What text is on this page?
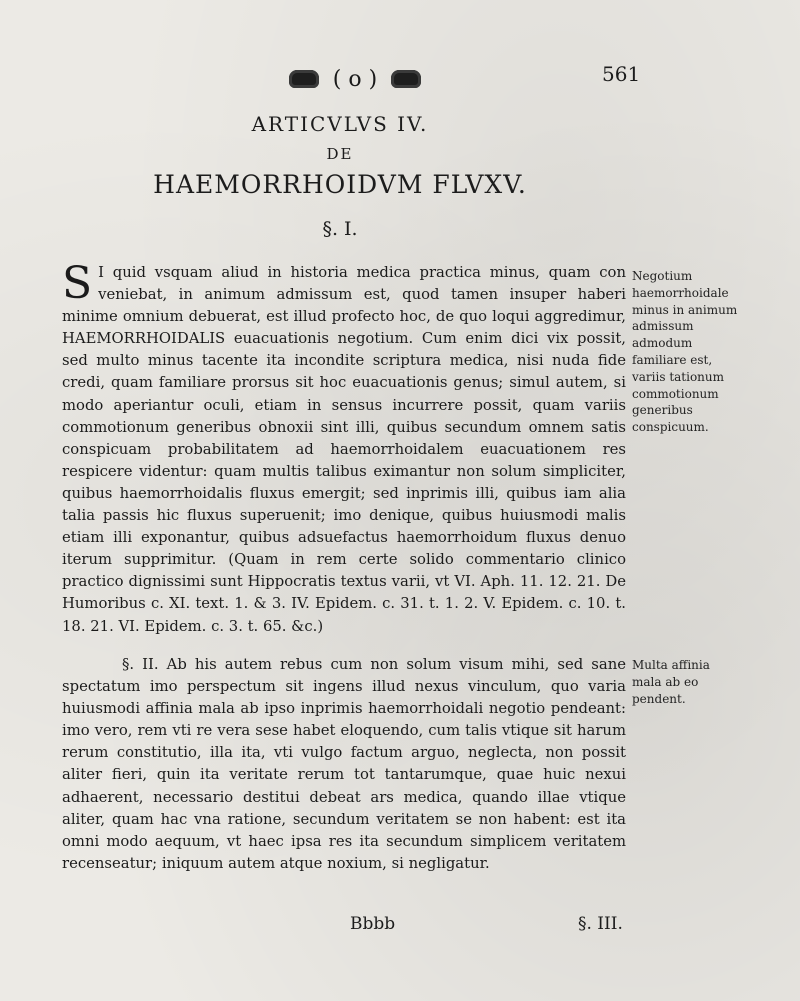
( o )	561
ARTICVLVS IV.
DE
HAEMORRHOIDVM FLVXV.
§. I.
S I quid vsquam aliud in historia medica practica minus, quam con veniebat, in animum admissum est, quod tamen insuper haberi minime omnium debuerat, est illud profecto hoc, de quo loqui aggredimur, HAEMORRHOIDALIS euacuationis negotium. Cum enim dici vix possit, sed multo minus tacente ita incondite scriptura medica, nisi nuda fide credi, quam familiare prorsus sit hoc euacuationis genus; simul autem, si modo aperiantur oculi, etiam in sensus incurrere possit, quam variis commotionum generibus obnoxii sint illi, quibus secundum omnem satis conspicuam probabilitatem ad haemorrhoidalem euacuationem res respicere videntur: quam multis talibus eximantur non solum simpliciter, quibus haemorrhoidalis fluxus emergit; sed inprimis illi, quibus iam alia talia passis hic fluxus superuenit; imo denique, quibus huiusmodi malis etiam illi exponantur, quibus adsuefactus haemorrhoidum fluxus denuo iterum supprimitur. (Quam in rem certe solido commentario clinico practico dignissimi sunt Hippocratis textus varii, vt VI. Aph. 11. 12. 21. De Humoribus c. XI. text. 1. & 3. IV. Epidem. c. 31. t. 1. 2. V. Epidem. c. 10. t. 18. 21. VI. Epidem. c. 3. t. 65. &c.)
§. II. Ab his autem rebus cum non solum visum mihi, sed sane spectatum imo perspectum sit ingens illud nexus vinculum, quo varia huiusmodi affinia mala ab ipso inprimis haemorrhoidali negotio pendeant: imo vero, rem vti re vera sese habet eloquendo, cum talis vtique sit harum rerum constitutio, illa ita, vti vulgo factum arguo, neglecta, non possit aliter fieri, quin ita veritate rerum tot tantarumque, quae huic nexui adhaerent, necessario destitui debeat ars medica, quando illae vtique aliter, quam hac vna ratione, secundum veritatem se non habent: est ita omni modo aequum, vt haec ipsa res ita secundum simplicem veritatem recenseatur; iniquum autem atque noxium, si negligatur.
Negotium haemorrhoidale minus in animum admissum admodum familiare est, variis tationum commotionum generibus conspicuum.
Multa affinia mala ab eo pendent.
Bbbb	§. III.
